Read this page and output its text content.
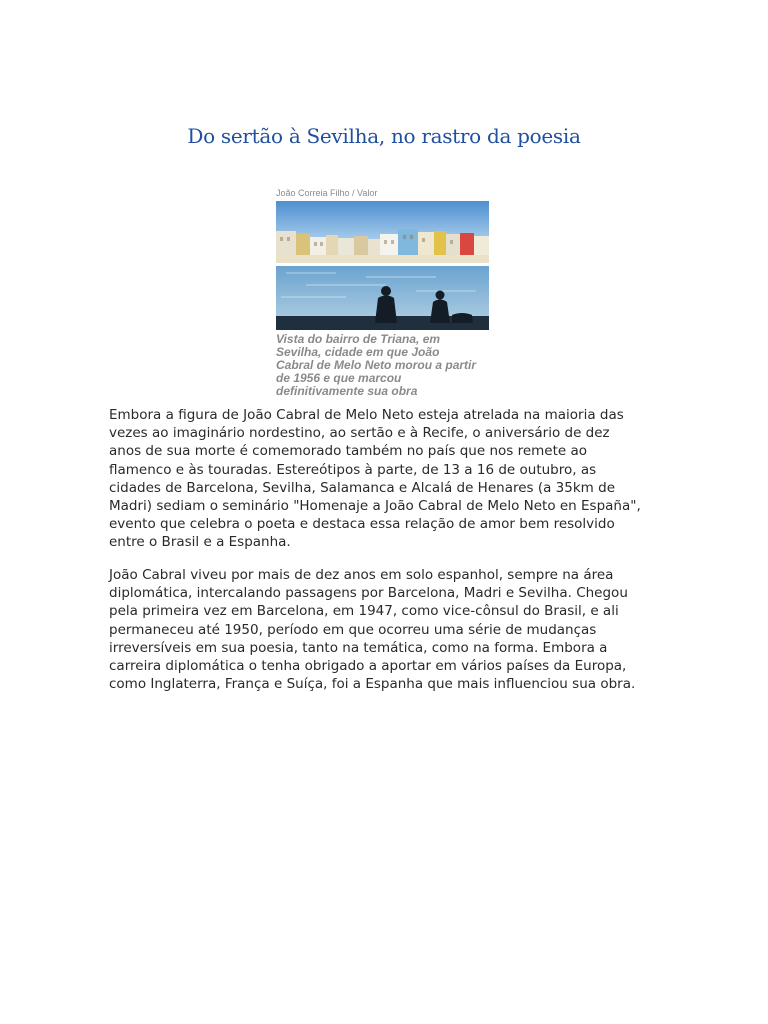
Do sertão à Sevilha, no rastro da poesia
João Correia Filho / Valor
Vista do bairro de Triana, em
Sevilha, cidade em que João
Cabral de Melo Neto morou a partir
de 1956 e que marcou
definitivamente sua obra
Embora a figura de João Cabral de Melo Neto esteja atrelada na maioria das
vezes ao imaginário nordestino, ao sertão e à Recife, o aniversário de dez
anos de sua morte é comemorado também no país que nos remete ao
flamenco e às touradas. Estereótipos à parte, de 13 a 16 de outubro, as
cidades de Barcelona, Sevilha, Salamanca e Alcalá de Henares (a 35km de
Madri) sediam o seminário "Homenaje a João Cabral de Melo Neto en España",
evento que celebra o poeta e destaca essa relação de amor bem resolvido
entre o Brasil e a Espanha.
João Cabral viveu por mais de dez anos em solo espanhol, sempre na área
diplomática, intercalando passagens por Barcelona, Madri e Sevilha. Chegou
pela primeira vez em Barcelona, em 1947, como vice-cônsul do Brasil, e ali
permaneceu até 1950, período em que ocorreu uma série de mudanças
irreversíveis em sua poesia, tanto na temática, como na forma. Embora a
carreira diplomática o tenha obrigado a aportar em vários países da Europa,
como Inglaterra, França e Suíça, foi a Espanha que mais influenciou sua obra.
